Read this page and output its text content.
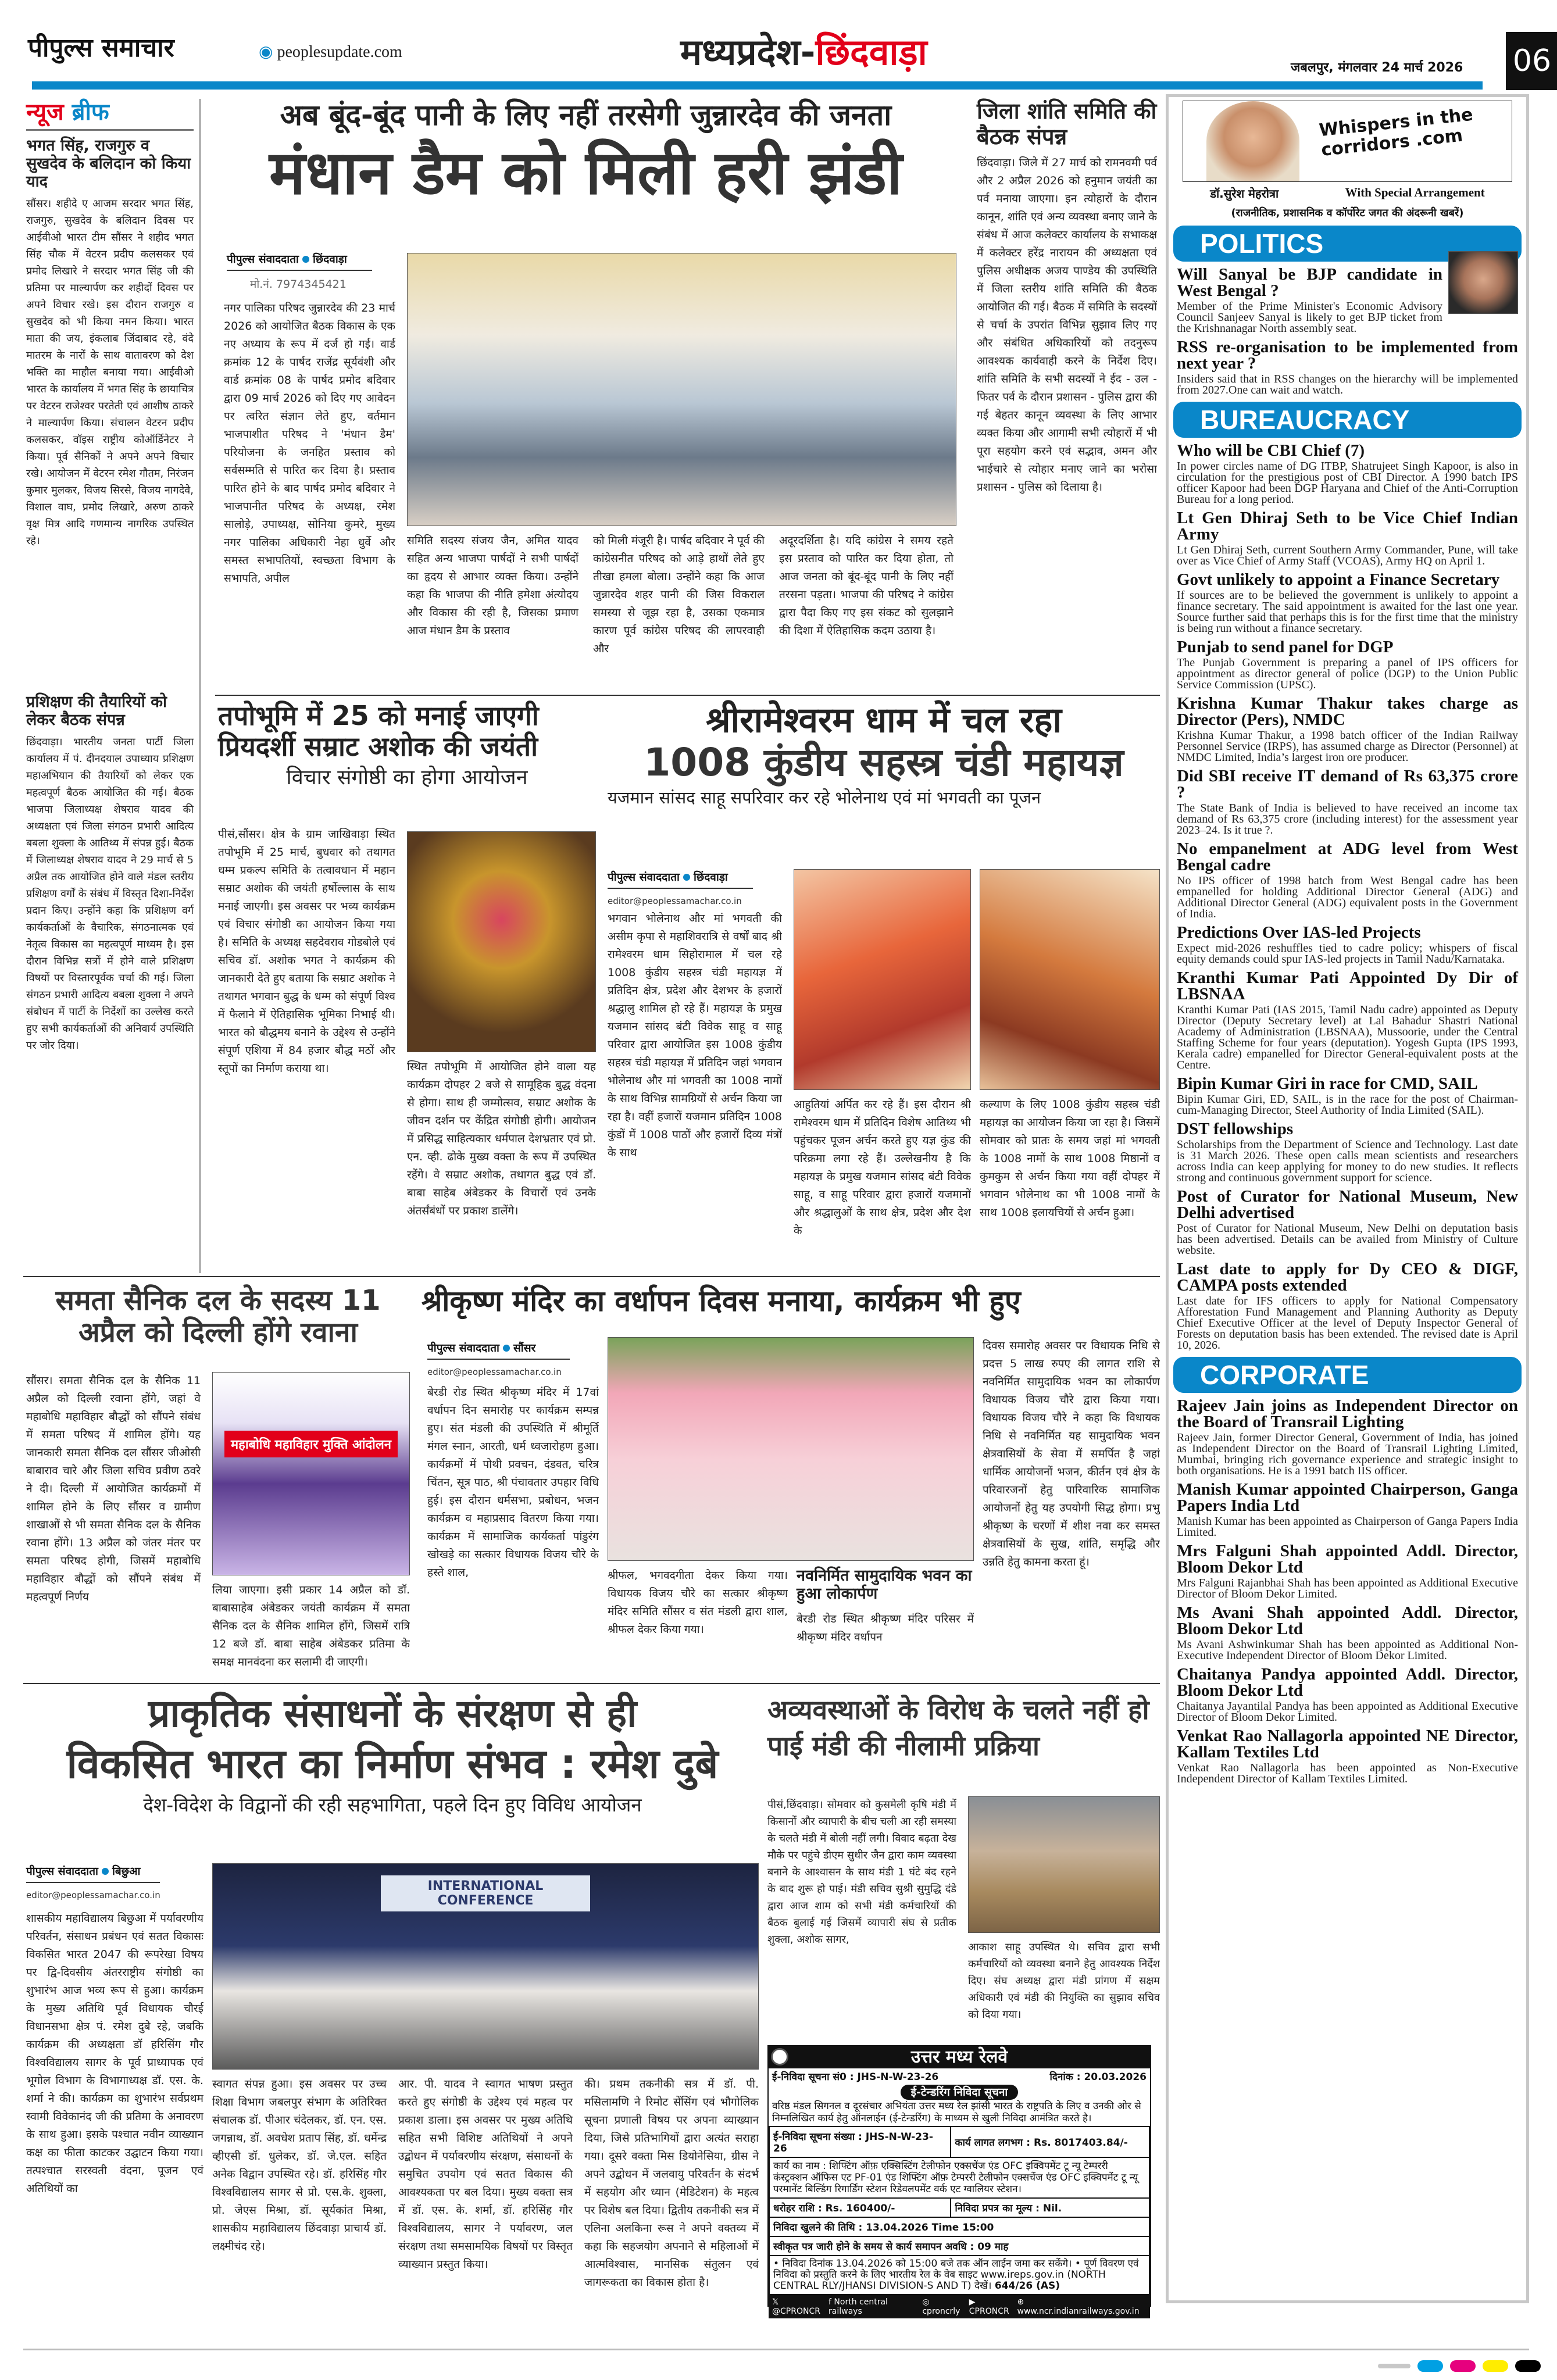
पीपुल्स समाचार	◉ peoplesupdate.com	मध्यप्रदेश-छिंदवाड़ा	जबलपुर, मंगलवार 24 मार्च 2026 06
न्यूज ब्रीफ
भगत सिंह, राजगुरु व सुखदेव के बलिदान को किया याद
सौंसर। शहीदे ए आजम सरदार भगत सिंह, राजगुरु, सुखदेव के बलिदान दिवस पर आईवीओ भारत टीम सौंसर ने शहीद भगत सिंह चौक में वेटरन प्रदीप कलसकर एवं प्रमोद लिखारे ने सरदार भगत सिंह जी की प्रतिमा पर माल्यार्पण कर शहीदों दिवस पर अपने विचार रखे। इस दौरान राजगुरु व सुखदेव को भी किया नमन किया। भारत माता की जय, इंकलाब जिंदाबाद रहे, वंदे मातरम के नारों के साथ वातावरण को देश भक्ति का माहौल बनाया गया। आईवीओ भारत के कार्यालय में भगत सिंह के छायाचित्र पर वेटरन राजेश्वर परतेती एवं आशीष ठाकरे ने माल्यार्पण किया। संचालन वेटरन प्रदीप कलसकर, वॉइस राष्ट्रीय कोऑर्डिनेटर ने किया। पूर्व सैनिकों ने अपने अपने विचार रखे। आयोजन में वेटरन रमेश गौतम, निरंजन कुमार मुलकर, विजय सिरसे, विजय नागदेवे, विशाल वाघ, प्रमोद लिखारे, अरुण ठाकरे वृक्ष मित्र आदि गणमान्य नागरिक उपस्थित रहे।
प्रशिक्षण की तैयारियों को लेकर बैठक संपन्न
छिंदवाड़ा। भारतीय जनता पार्टी जिला कार्यालय में पं. दीनदयाल उपाध्याय प्रशिक्षण महाअभियान की तैयारियों को लेकर एक महत्वपूर्ण बैठक आयोजित की गई। बैठक भाजपा जिलाध्यक्ष शेषराव यादव की अध्यक्षता एवं जिला संगठन प्रभारी आदित्य बबला शुक्ला के आतिथ्य में संपन्न हुई। बैठक में जिलाध्यक्ष शेषराव यादव ने 29 मार्च से 5 अप्रैल तक आयोजित होने वाले मंडल स्तरीय प्रशिक्षण वर्गों के संबंध में विस्तृत दिशा-निर्देश प्रदान किए। उन्होंने कहा कि प्रशिक्षण वर्ग कार्यकर्ताओं के वैचारिक, संगठनात्मक एवं नेतृत्व विकास का महत्वपूर्ण माध्यम है। इस दौरान विभिन्न सत्रों में होने वाले प्रशिक्षण विषयों पर विस्तारपूर्वक चर्चा की गई। जिला संगठन प्रभारी आदित्य बबला शुक्ला ने अपने संबोधन में पार्टी के निर्देशों का उल्लेख करते हुए सभी कार्यकर्ताओं की अनिवार्य उपस्थिति पर जोर दिया।
अब बूंद-बूंद पानी के लिए नहीं तरसेगी जुन्नारदेव की जनता
मंधान डैम को मिली हरी झंडी
पीपुल्स संवाददाता छिंदवाड़ा
मो.नं. 7974345421
नगर पालिका परिषद जुन्नारदेव की 23 मार्च 2026 को आयोजित बैठक विकास के एक नए अध्याय के रूप में दर्ज हो गई। वार्ड क्रमांक 12 के पार्षद राजेंद्र सूर्यवंशी और वार्ड क्रमांक 08 के पार्षद प्रमोद बदिवार द्वारा 09 मार्च 2026 को दिए गए आवेदन पर त्वरित संज्ञान लेते हुए, वर्तमान भाजपाशीत परिषद ने 'मंधान डैम' परियोजना के जनहित प्रस्ताव को सर्वसम्मति से पारित कर दिया है। प्रस्ताव पारित होने के बाद पार्षद प्रमोद बदिवार ने भाजपानीत परिषद के अध्यक्ष, रमेश सालोड़े, उपाध्यक्ष, सोनिया कुमरे, मुख्य नगर पालिका अधिकारी नेहा धुर्वे और समस्त सभापतियों, स्वच्छता विभाग के सभापति, अपील
समिति सदस्य संजय जैन, अमित यादव सहित अन्य भाजपा पार्षदों ने सभी पार्षदों का हृदय से आभार व्यक्त किया। उन्होंने कहा कि भाजपा की नीति हमेशा अंत्योदय और विकास की रही है, जिसका प्रमाण आज मंधान डैम के प्रस्ताव
को मिली मंजूरी है। पार्षद बदिवार ने पूर्व की कांग्रेसनीत परिषद को आड़े हाथों लेते हुए तीखा हमला बोला। उन्होंने कहा कि आज जुन्नारदेव शहर पानी की जिस विकराल समस्या से जूझ रहा है, उसका एकमात्र कारण पूर्व कांग्रेस परिषद की लापरवाही और
अदूरदर्शिता है। यदि कांग्रेस ने समय रहते इस प्रस्ताव को पारित कर दिया होता, तो आज जनता को बूंद-बूंद पानी के लिए नहीं तरसना पड़ता। भाजपा की परिषद ने कांग्रेस द्वारा पैदा किए गए इस संकट को सुलझाने की दिशा में ऐतिहासिक कदम उठाया है।
जिला शांति समिति की बैठक संपन्न
छिंदवाड़ा। जिले में 27 मार्च को रामनवमी पर्व और 2 अप्रैल 2026 को हनुमान जयंती का पर्व मनाया जाएगा। इन त्योहारों के दौरान कानून, शांति एवं अन्य व्यवस्था बनाए जाने के संबंध में आज कलेक्टर कार्यालय के सभाकक्ष में कलेक्टर हरेंद्र नारायन की अध्यक्षता एवं पुलिस अधीक्षक अजय पाण्डेय की उपस्थिति में जिला स्तरीय शांति समिति की बैठक आयोजित की गई। बैठक में समिति के सदस्यों से चर्चा के उपरांत विभिन्न सुझाव लिए गए और संबंधित अधिकारियों को तदनुरूप आवश्यक कार्यवाही करने के निर्देश दिए। शांति समिति के सभी सदस्यों ने ईद - उल - फितर पर्व के दौरान प्रशासन - पुलिस द्वारा की गई बेहतर कानून व्यवस्था के लिए आभार व्यक्त किया और आगामी सभी त्योहारों में भी पूरा सहयोग करने एवं सद्भाव, अमन और भाईचारे से त्योहार मनाए जाने का भरोसा प्रशासन - पुलिस को दिलाया है।
तपोभूमि में 25 को मनाई जाएगी प्रियदर्शी सम्राट अशोक की जयंती
विचार संगोष्ठी का होगा आयोजन
पीसं,सौंसर। क्षेत्र के ग्राम जाखिवाड़ा स्थित तपोभूमि में 25 मार्च, बुधवार को तथागत धम्म प्रकल्प समिति के तत्वावधान में महान सम्राट अशोक की जयंती हर्षोल्लास के साथ मनाई जाएगी। इस अवसर पर भव्य कार्यक्रम एवं विचार संगोष्ठी का आयोजन किया गया है। समिति के अध्यक्ष सहदेवराव गोडबोले एवं सचिव डॉ. अशोक भगत ने कार्यक्रम की जानकारी देते हुए बताया कि सम्राट अशोक ने तथागत भगवान बुद्ध के धम्म को संपूर्ण विश्व में फैलाने में ऐतिहासिक भूमिका निभाई थी। भारत को बौद्धमय बनाने के उद्देश्य से उन्होंने संपूर्ण एशिया में 84 हजार बौद्ध मठों और स्तूपों का निर्माण कराया था।	स्थित तपोभूमि में आयोजित होने वाला यह कार्यक्रम दोपहर 2 बजे से सामूहिक बुद्ध वंदना से होगा। साथ ही जम्मोत्सव, सम्राट अशोक के जीवन दर्शन पर केंद्रित संगोष्ठी होगी। आयोजन में प्रसिद्ध साहित्यकार धर्मपाल देशभ्रतार एवं प्रो. एन. व्ही. ढोके मुख्य वक्ता के रूप में उपस्थित रहेंगे। वे सम्राट अशोक, तथागत बुद्ध एवं डॉ. बाबा साहेब अंबेडकर के विचारों एवं उनके अंतर्संबंधों पर प्रकाश डालेंगे।
श्रीरामेश्वरम धाम में चल रहा
1008 कुंडीय सहस्त्र चंडी महायज्ञ
यजमान सांसद साहू सपरिवार कर रहे भोलेनाथ एवं मां भगवती का पूजन
पीपुल्स संवाददाता छिंदवाड़ा
editor@peoplessamachar.co.in
भगवान भोलेनाथ और मां भगवती की असीम कृपा से महाशिवरात्रि से वर्षों बाद श्री रामेश्वरम धाम सिहोरामाल में चल रहे 1008 कुंडीय सहस्त्र चंडी महायज्ञ में प्रतिदिन क्षेत्र, प्रदेश और देशभर के हजारों श्रद्धालु शामिल हो रहे हैं। महायज्ञ के प्रमुख यजमान सांसद बंटी विवेक साहू व साहू परिवार द्वारा आयोजित इस 1008 कुंडीय सहस्त्र चंडी महायज्ञ में प्रतिदिन जहां भगवान भोलेनाथ और मां भगवती का 1008 नामों के साथ विभिन्न सामग्रियों से अर्चन किया जा रहा है। वहीं हजारों यजमान प्रतिदिन 1008 कुंडों में 1008 पाठों और हजारों दिव्य मंत्रों के साथ
आहुतियां अर्पित कर रहे हैं। इस दौरान श्री रामेश्वरम धाम में प्रतिदिन विशेष आतिथ्य भी पहुंचकर पूजन अर्चन करते हुए यज्ञ कुंड की परिक्रमा लगा रहे हैं। उल्लेखनीय है कि महायज्ञ के प्रमुख यजमान सांसद बंटी विवेक साहू, व साहू परिवार द्वारा हजारों यजमानों और श्रद्धालुओं के साथ क्षेत्र, प्रदेश और देश के
कल्याण के लिए 1008 कुंडीय सहस्त्र चंडी महायज्ञ का आयोजन किया जा रहा है। जिसमें सोमवार को प्रातः के समय जहां मां भगवती के 1008 नामों के साथ 1008 मिष्ठानों व कुमकुम से अर्चन किया गया वहीं दोपहर में भगवान भोलेनाथ का भी 1008 नामों के साथ 1008 इलायचियों से अर्चन हुआ।
समता सैनिक दल के सदस्य 11 अप्रैल को दिल्ली होंगे रवाना
सौंसर। समता सैनिक दल के सैनिक 11 अप्रैल को दिल्ली रवाना होंगे, जहां वे महाबोधि महाविहार बौद्धों को सौंपने संबंध में समता परिषद में शामिल होंगे। यह जानकारी समता सैनिक दल सौंसर जीओसी बाबाराव चारे और जिला सचिव प्रवीण ठवरे ने दी। दिल्ली में आयोजित कार्यक्रमों में शामिल होने के लिए सौंसर व ग्रामीण शाखाओं से भी समता सैनिक दल के सैनिक रवाना होंगे। 13 अप्रैल को जंतर मंतर पर समता परिषद होगी, जिसमें महाबोधि महाविहार बौद्धों को सौंपने संबंध में महत्वपूर्ण निर्णय
महाबोधि महाविहार मुक्ति आंदोलन
लिया जाएगा। इसी प्रकार 14 अप्रैल को डॉ. बाबासाहेब अंबेडकर जयंती कार्यक्रम में समता सैनिक दल के सैनिक शामिल होंगे, जिसमें रात्रि 12 बजे डॉ. बाबा साहेब अंबेडकर प्रतिमा के समक्ष मानवंदना कर सलामी दी जाएगी।
श्रीकृष्ण मंदिर का वर्धापन दिवस मनाया, कार्यक्रम भी हुए
पीपुल्स संवाददाता सौंसर
editor@peoplessamachar.co.in
बेरडी रोड स्थित श्रीकृष्ण मंदिर में 17वां वर्धापन दिन समारोह पर कार्यक्रम सम्पन्न हुए। संत मंडली की उपस्थिति में श्रीमूर्ति मंगल स्नान, आरती, धर्म ध्वजारोहण हुआ। कार्यक्रमों में पोथी प्रवचन, दंडवत, चरित्र चिंतन, सूत्र पाठ, श्री पंचावतार उपहार विधि हुई। इस दौरान धर्मसभा, प्रबोधन, भजन कार्यक्रम व महाप्रसाद वितरण किया गया। कार्यक्रम में सामाजिक कार्यकर्ता पांडुरंग खोखड़े का सत्कार विधायक विजय चौरे के हस्ते शाल,	श्रीफल, भगवदगीता देकर किया गया। विधायक विजय चौरे का सत्कार श्रीकृष्ण मंदिर समिति सौंसर व संत मंडली द्वारा शाल, श्रीफल देकर किया गया।
नवनिर्मित सामुदायिक भवन का हुआ लोकार्पण
बेरडी रोड स्थित श्रीकृष्ण मंदिर परिसर में श्रीकृष्ण मंदिर वर्धापन
दिवस समारोह अवसर पर विधायक निधि से प्रदत्त 5 लाख रुपए की लागत राशि से नवनिर्मित सामुदायिक भवन का लोकार्पण विधायक विजय चौरे द्वारा किया गया। विधायक विजय चौरे ने कहा कि विधायक निधि से नवनिर्मित यह सामुदायिक भवन क्षेत्रवासियों के सेवा में समर्पित है जहां धार्मिक आयोजनों भजन, कीर्तन एवं क्षेत्र के परिवारजनों हेतु पारिवारिक सामाजिक आयोजनों हेतु यह उपयोगी सिद्ध होगा। प्रभु श्रीकृष्ण के चरणों में शीश नवा कर समस्त क्षेत्रवासियों के सुख, शांति, समृद्धि और उन्नति हेतु कामना करता हूं।
प्राकृतिक संसाधनों के संरक्षण से ही
विकसित भारत का निर्माण संभव : रमेश दुबे
देश-विदेश के विद्वानों की रही सहभागिता, पहले दिन हुए विविध आयोजन
पीपुल्स संवाददाता बिछुआ
editor@peoplessamachar.co.in
शासकीय महाविद्यालय बिछुआ में पर्यावरणीय परिवर्तन, संसाधन प्रबंधन एवं सतत विकासः विकसित भारत 2047 की रूपरेखा विषय पर द्वि-दिवसीय अंतरराष्ट्रीय संगोष्ठी का शुभारंभ आज भव्य रूप से हुआ। कार्यक्रम के मुख्य अतिथि पूर्व विधायक चौरई विधानसभा क्षेत्र पं. रमेश दुबे रहे, जबकि कार्यक्रम की अध्यक्षता डॉ हरिसिंग गौर विश्वविद्यालय सागर के पूर्व प्राध्यापक एवं भूगोल विभाग के विभागाध्यक्ष डॉ. एस. के. शर्मा ने की। कार्यक्रम का शुभारंभ सर्वप्रथम स्वामी विवेकानंद जी की प्रतिमा के अनावरण के साथ हुआ। इसके पश्चात नवीन व्याख्यान कक्ष का फीता काटकर उद्घाटन किया गया। तत्पश्चात सरस्वती वंदना, पूजन एवं अतिथियों का
INTERNATIONAL CONFERENCE
स्वागत संपन्न हुआ। इस अवसर पर उच्च शिक्षा विभाग जबलपुर संभाग के अतिरिक्त संचालक डॉ. पीआर चंदेलकर, डॉ. एन. एस. जगन्नाथ, डॉ. अवधेश प्रताप सिंह, डॉ. धर्मेन्द्र व्हीएसी डॉ. धुलेकर, डॉ. जे.एल. सहित अनेक विद्वान उपस्थित रहे। डॉ. हरिसिंह गौर विश्वविद्यालय सागर से प्रो. एस.के. शुक्ला, प्रो. जेएस मिश्रा, डॉ. सूर्यकांत मिश्रा, शासकीय महाविद्यालय छिंदवाड़ा प्राचार्य डॉ. लक्ष्मीचंद रहे।
आर. पी. यादव ने स्वागत भाषण प्रस्तुत करते हुए संगोष्ठी के उद्देश्य एवं महत्व पर प्रकाश डाला। इस अवसर पर मुख्य अतिथि सहित सभी विशिष्ट अतिथियों ने अपने उद्बोधन में पर्यावरणीय संरक्षण, संसाधनों के समुचित उपयोग एवं सतत विकास की आवश्यकता पर बल दिया। मुख्य वक्ता सत्र में डॉ. एस. के. शर्मा, डॉ. हरिसिंह गौर विश्वविद्यालय, सागर ने पर्यावरण, जल संरक्षण तथा समसामयिक विषयों पर विस्तृत व्याख्यान प्रस्तुत किया।
की। प्रथम तकनीकी सत्र में डॉ. पी. मसिलामणि ने रिमोट सेंसिंग एवं भौगोलिक सूचना प्रणाली विषय पर अपना व्याख्यान दिया, जिसे प्रतिभागियों द्वारा अत्यंत सराहा गया। दूसरे वक्ता मिस डियोनेसिया, ग्रीस ने अपने उद्बोधन में जलवायु परिवर्तन के संदर्भ में सहयोग और ध्यान (मेडिटेशन) के महत्व पर विशेष बल दिया। द्वितीय तकनीकी सत्र में एलिना अलकिना रूस ने अपने वक्तव्य में कहा कि सहजयोग अपनाने से महिलाओं में आत्मविश्वास, मानसिक संतुलन एवं जागरूकता का विकास होता है।
अव्यवस्थाओं के विरोध के चलते नहीं हो पाई मंडी की नीलामी प्रक्रिया
पीसं,छिंदवाड़ा। सोमवार को कुसमेली कृषि मंडी में किसानों और व्यापारी के बीच चली आ रही समस्या के चलते मंडी में बोली नहीं लगी। विवाद बढ़ता देख मौके पर पहुंचे डीएम सुधीर जैन द्वारा काम व्यवस्था बनाने के आश्वासन के साथ मंडी 1 घंटे बंद रहने के बाद शुरू हो पाई। मंडी सचिव सुश्री सुमुद्धि दंडे द्वारा आज शाम को सभी मंडी कर्मचारियों की बैठक बुलाई गई जिसमें व्यापारी संघ से प्रतीक शुक्ला, अशोक सागर,
आकाश साहू उपस्थित थे। सचिव द्वारा सभी कर्मचारियों को व्यवस्था बनाने हेतु आवश्यक निर्देश दिए। संघ अध्यक्ष द्वारा मंडी प्रांगण में सक्षम अधिकारी एवं मंडी की नियुक्ति का सुझाव सचिव को दिया गया।
उत्तर मध्य रेलवे
ई-निविदा सूचना सं0 : JHS-N-W-23-26	दिनांक : 20.03.2026
ई-टेन्डरिंग निविदा सूचना
वरिष्ठ मंडल सिगनल व दूरसंचार अभियंता उत्तर मध्य रेल झांसी भारत के राष्ट्रपति के लिए व उनकी ओर से निम्नलिखित कार्य हेतु ऑनलाईन (ई-टेन्डरिंग) के माध्यम से खुली निविदा आमंत्रित करते है।
ई-निविदा सूचना संख्या : JHS-N-W-23-26	कार्य लागत लगभग : Rs. 8017403.84/-
कार्य का नाम : शिफ्टिंग ऑफ़ एक्सिस्टिंग टेलीफोन एक्सचेंज एंड OFC इक्विपमेंट टू न्यू टेम्पररी कंस्ट्रक्शन ऑफिस एट PF-01 एंड शिफ्टिंग ऑफ़ टेम्पररी टेलीफोन एक्सचेंज एंड OFC इक्विपमेंट टू न्यू परमानेंट बिल्डिंग रिगार्डिंग स्टेशन रिडेवलपमेंट वर्क एट ग्वालियर स्टेशन।	
धरोहर राशि : Rs. 160400/-	निविदा प्रपत्र का मूल्य : Nil.
निविदा खुलने की तिथि : 13.04.2026 Time 15:00	
स्वीकृत पत्र जारी होने के समय से कार्य समापन अवधि : 09 माह	
• निविदा दिनांक 13.04.2026 को 15:00 बजे तक ऑन लाईन जमा कर सकेंगे। • पूर्ण विवरण एवं निविदा को प्रस्तुति करने के लिए भारतीय रेल के वेब साइट www.ireps.gov.in (NORTH CENTRAL RLY/JHANSI DIVISION-S AND T) देखें। 644/26 (AS)	
𝕏 @CPRONCR
f North central railways
◎ cproncrly
▶ CPRONCR
⊕ www.ncr.indianrailways.gov.in
Whispers in the corridors .com
डॉ.सुरेश मेहरोत्रा	With Special Arrangement
(राजनीतिक, प्रशासनिक व कॉर्पोरेट जगत की अंदरूनी खबरें)
POLITICS
Will Sanyal be BJP candidate in West Bengal ?

Member of the Prime Minister's Economic Advisory Council Sanjeev Sanyal is likely to get BJP ticket from the Krishnanagar North assembly seat.

RSS re-organisation to be implemented from next year ?

Insiders said that in RSS changes on the hierarchy will be implemented from 2027.One can wait and watch.

BUREAUCRACY
Who will be CBI Chief (7)

In power circles name of DG ITBP, Shatrujeet Singh Kapoor, is also in circulation for the prestigious post of CBI Director. A 1990 batch IPS officer Kapoor had been DGP Haryana and Chief of the Anti-Corruption Bureau for a long period.

Lt Gen Dhiraj Seth to be Vice Chief Indian Army

Lt Gen Dhiraj Seth, current Southern Army Commander, Pune, will take over as Vice Chief of Army Staff (VCOAS), Army HQ on April 1.

Govt unlikely to appoint a Finance Secretary

If sources are to be believed the government is unlikely to appoint a finance secretary. The said appointment is awaited for the last one year. Source further said that perhaps this is for the first time that the ministry is being run without a finance secretary.

Punjab to send panel for DGP

The Punjab Government is preparing a panel of IPS officers for appointment as director general of police (DGP) to the Union Public Service Commission (UPSC).

Krishna Kumar Thakur takes charge as Director (Pers), NMDC

Krishna Kumar Thakur, a 1998 batch officer of the Indian Railway Personnel Service (IRPS), has assumed charge as Director (Personnel) at NMDC Limited, India’s largest iron ore producer.

Did SBI receive IT demand of Rs 63,375 crore ?

The State Bank of India is believed to have received an income tax demand of Rs 63,375 crore (including interest) for the assessment year 2023–24. Is it true ?.

No empanelment at ADG level from West Bengal cadre

No IPS officer of 1998 batch from West Bengal cadre has been empanelled for holding Additional Director General (ADG) and Additional Director General (ADG) equivalent posts in the Government of India.

Predictions Over IAS-led Projects

Expect mid-2026 reshuffles tied to cadre policy; whispers of fiscal equity demands could spur IAS-led projects in Tamil Nadu/Karnataka.

Kranthi Kumar Pati Appointed Dy Dir of LBSNAA

Kranthi Kumar Pati (IAS 2015, Tamil Nadu cadre) appointed as Deputy Director (Deputy Secretary level) at Lal Bahadur Shastri National Academy of Administration (LBSNAA), Mussoorie, under the Central Staffing Scheme for four years (deputation). Yogesh Gupta (IPS 1993, Kerala cadre) empanelled for Director General-equivalent posts at the Centre.

Bipin Kumar Giri in race for CMD, SAIL

Bipin Kumar Giri, ED, SAIL, is in the race for the post of Chairman-cum-Managing Director, Steel Authority of India Limited (SAIL).

DST fellowships

Scholarships from the Department of Science and Technology. Last date is 31 March 2026. These open calls mean scientists and researchers across India can keep applying for money to do new studies. It reflects strong and continuous government support for science.

Post of Curator for National Museum, New Delhi advertised

Post of Curator for National Museum, New Delhi on deputation basis has been advertised. Details can be availed from Ministry of Culture website.

Last date to apply for Dy CEO & DIGF, CAMPA posts extended

Last date for IFS officers to apply for National Compensatory Afforestation Fund Management and Planning Authority as Deputy Chief Executive Officer at the level of Deputy Inspector General of Forests on deputation basis has been extended. The revised date is April 10, 2026.

CORPORATE
Rajeev Jain joins as Independent Director on the Board of Transrail Lighting

Rajeev Jain, former Director General, Government of India, has joined as Independent Director on the Board of Transrail Lighting Limited, Mumbai, bringing rich governance experience and strategic insight to both organisations. He is a 1991 batch IIS officer.

Manish Kumar appointed Chairperson, Ganga Papers India Ltd

Manish Kumar has been appointed as Chairperson of Ganga Papers India Limited.

Mrs Falguni Shah appointed Addl. Director, Bloom Dekor Ltd

Mrs Falguni Rajanbhai Shah has been appointed as Additional Executive Director of Bloom Dekor Limited.

Ms Avani Shah appointed Addl. Director, Bloom Dekor Ltd

Ms Avani Ashwinkumar Shah has been appointed as Additional Non-Executive Independent Director of Bloom Dekor Limited.

Chaitanya Pandya appointed Addl. Director, Bloom Dekor Ltd

Chaitanya Jayantilal Pandya has been appointed as Additional Executive Director of Bloom Dekor Limited.

Venkat Rao Nallagorla appointed NE Director, Kallam Textiles Ltd

Venkat Rao Nallagorla has been appointed as Non-Executive Independent Director of Kallam Textiles Limited.
